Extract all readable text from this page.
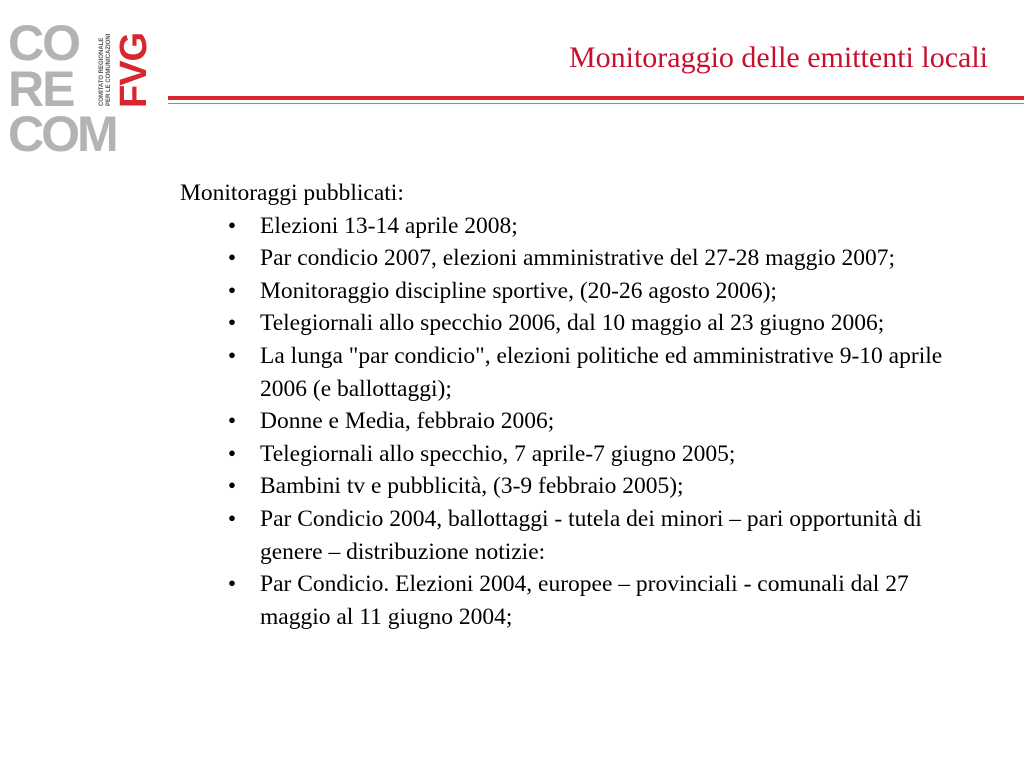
CO
RE
COM
COMITATO REGIONALE PER LE COMUNICAZIONI FVG	Monitoraggio delle emittenti locali

Monitoraggi pubblicati:

• Elezioni 13-14 aprile 2008;
• Par condicio 2007, elezioni amministrative del 27-28 maggio 2007;
• Monitoraggio discipline sportive, (20-26 agosto 2006);
• Telegiornali allo specchio 2006, dal 10 maggio al 23 giugno 2006;
• La lunga "par condicio", elezioni politiche ed amministrative 9-10 aprile 2006 (e ballottaggi);
• Donne e Media, febbraio 2006;
• Telegiornali allo specchio, 7 aprile-7 giugno 2005;
• Bambini tv e pubblicità, (3-9 febbraio 2005);
• Par Condicio 2004, ballottaggi - tutela dei minori – pari opportunità di genere – distribuzione notizie:
• Par Condicio. Elezioni 2004, europee – provinciali - comunali dal 27 maggio al 11 giugno 2004;
